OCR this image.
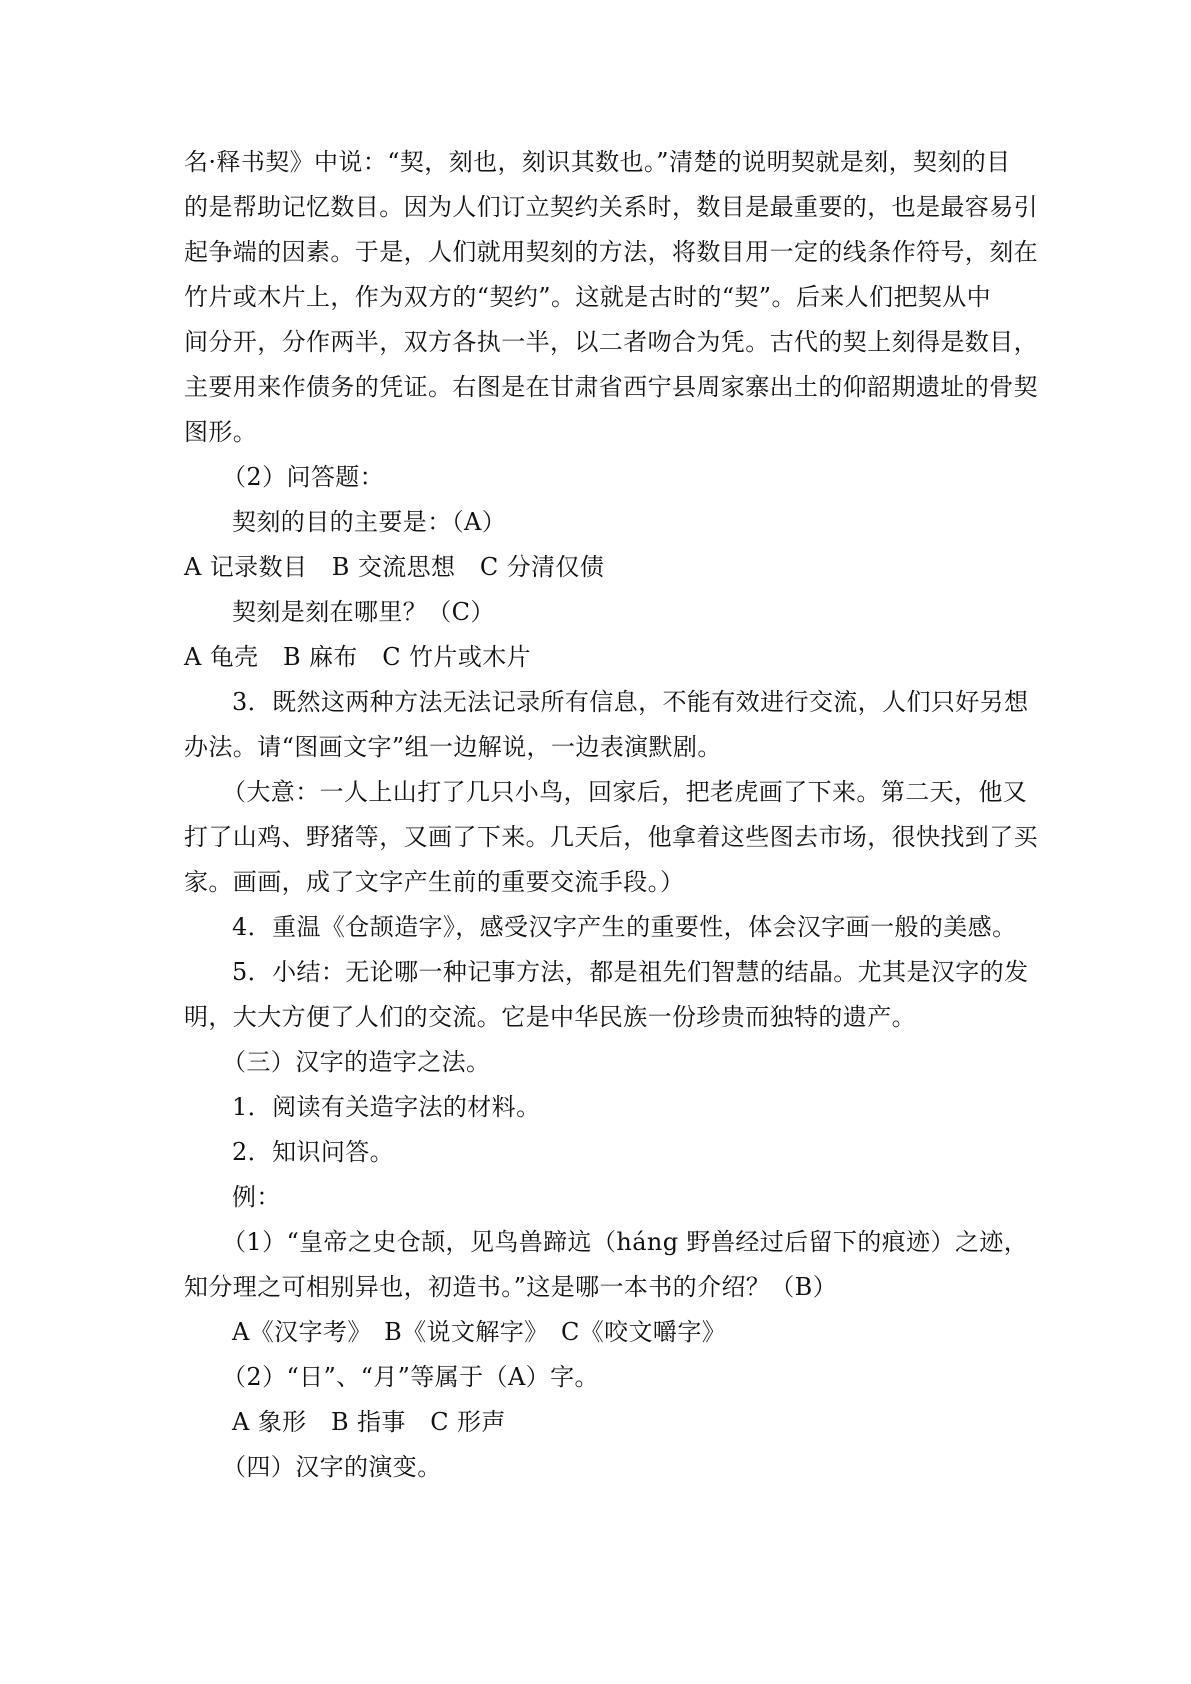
名·释书契》中说：“契，刻也，刻识其数也。”清楚的说明契就是刻，契刻的目
的是帮助记忆数目。因为人们订立契约关系时，数目是最重要的，也是最容易引
起争端的因素。于是，人们就用契刻的方法，将数目用一定的线条作符号，刻在
竹片或木片上，作为双方的“契约”。这就是古时的“契”。后来人们把契从中
间分开，分作两半，双方各执一半，以二者吻合为凭。古代的契上刻得是数目，
主要用来作债务的凭证。右图是在甘肃省西宁县周家寨出土的仰韶期遗址的骨契
图形。
（2）问答题：
契刻的目的主要是：（A）
A 记录数目　B 交流思想　C 分清仅债
契刻是刻在哪里？（C）
A 龟壳　B 麻布　C 竹片或木片
3．既然这两种方法无法记录所有信息，不能有效进行交流，人们只好另想
办法。请“图画文字”组一边解说，一边表演默剧。
（大意：一人上山打了几只小鸟，回家后，把老虎画了下来。第二天，他又
打了山鸡、野猪等，又画了下来。几天后，他拿着这些图去市场，很快找到了买
家。画画，成了文字产生前的重要交流手段。）
4．重温《仓颉造字》，感受汉字产生的重要性，体会汉字画一般的美感。
5．小结：无论哪一种记事方法，都是祖先们智慧的结晶。尤其是汉字的发
明，大大方便了人们的交流。它是中华民族一份珍贵而独特的遗产。
（三）汉字的造字之法。
1．阅读有关造字法的材料。
2．知识问答。
例：
（1）“皇帝之史仓颉，见鸟兽蹄迒（háng 野兽经过后留下的痕迹）之迹，
知分理之可相别异也，初造书。”这是哪一本书的介绍？（B）
A《汉字考》　B《说文解字》　C《咬文嚼字》
（2）“日”、“月”等属于（A）字。
A 象形　B 指事　C 形声
（四）汉字的演变。
